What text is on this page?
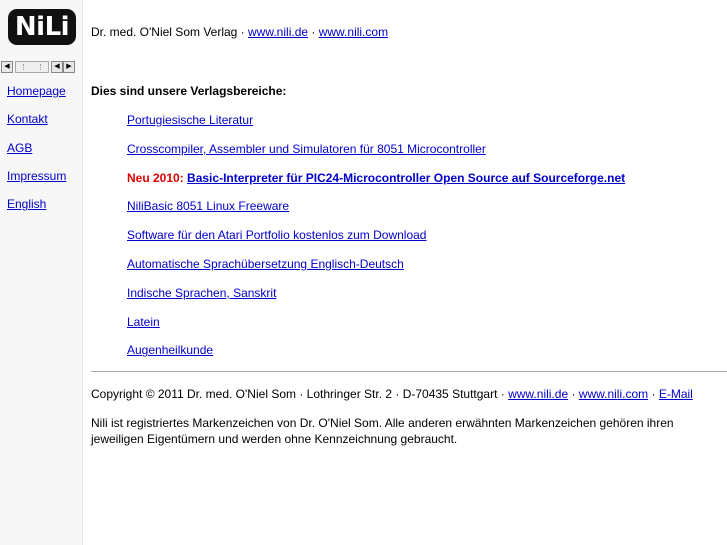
NiLi
◀	◀ ▶
Homepage
Kontakt
AGB
Impressum
English
Dr. med. O'Niel Som Verlag · www.nili.de · www.nili.com
Dies sind unsere Verlagsbereiche:
Portugiesische Literatur
Crosscompiler, Assembler und Simulatoren für 8051 Microcontroller
Neu 2010: Basic-Interpreter für PIC24-Microcontroller Open Source auf Sourceforge.net
NiliBasic 8051 Linux Freeware
Software für den Atari Portfolio kostenlos zum Download
Automatische Sprachübersetzung Englisch-Deutsch
Indische Sprachen, Sanskrit
Latein
Augenheilkunde
Copyright © 2011 Dr. med. O'Niel Som · Lothringer Str. 2 · D-70435 Stuttgart · www.nili.de · www.nili.com · E-Mail
Nili ist registriertes Markenzeichen von Dr. O'Niel Som. Alle anderen erwähnten Markenzeichen gehören ihren jeweiligen Eigentümern und werden ohne Kennzeichnung gebraucht.
